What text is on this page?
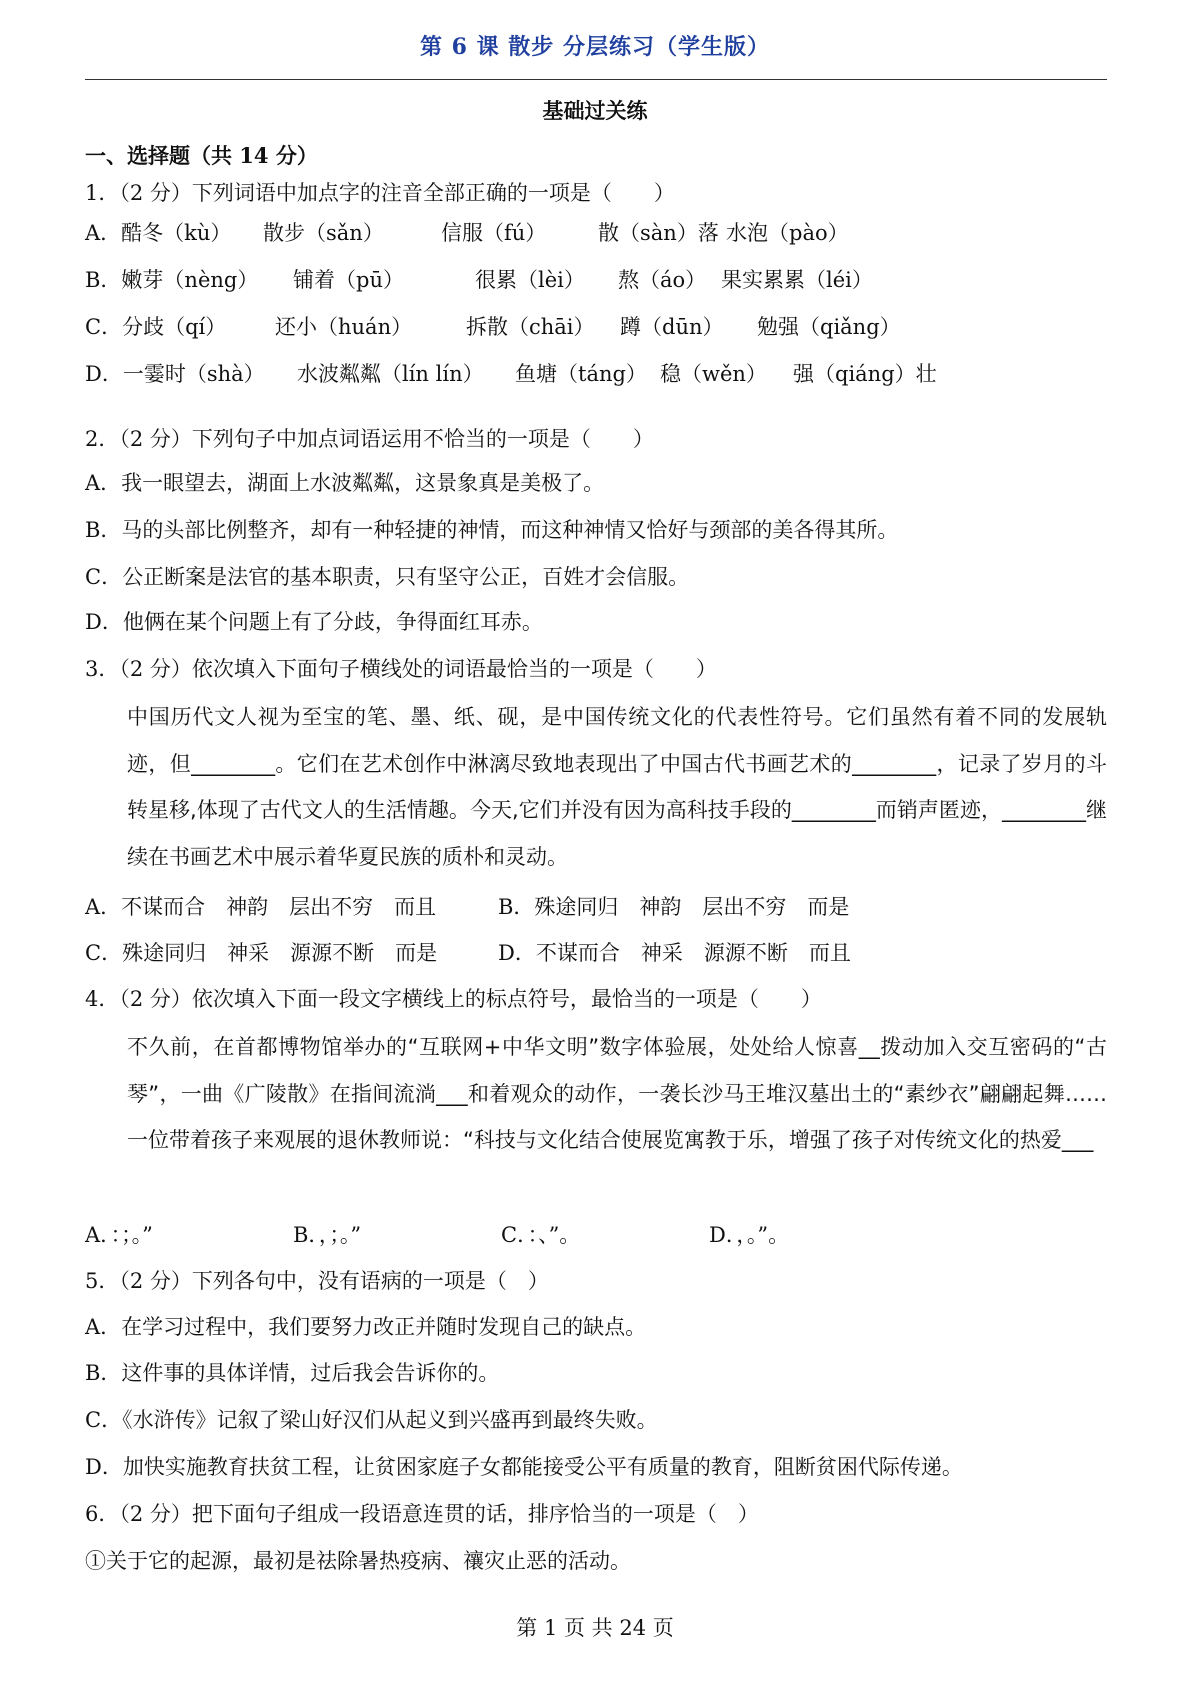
第 6 课 散步 分层练习（学生版）
基础过关练
一、选择题（共 14 分）
1．（2 分）下列词语中加点字的注音全部正确的一项是（　　）
A．酷冬（kù） 散步（sǎn）	信服（fú） 散（sàn）落 水泡（pào）
B．嫩芽（nèng） 铺着（pū）	很累（lèi） 熬（áo） 果实累累（léi）
C．分歧（qí） 还小（huán）	拆散（chāi） 蹲（dūn） 勉强（qiǎng）
D．一霎时（shà） 水波粼粼（lín lín） 鱼塘（táng） 稳（wěn） 强（qiáng）壮
2．（2 分）下列句子中加点词语运用不恰当的一项是（　　）
A．我一眼望去，湖面上水波粼粼，这景象真是美极了。
B．马的头部比例整齐，却有一种轻捷的神情，而这种神情又恰好与颈部的美各得其所。
C．公正断案是法官的基本职责，只有坚守公正，百姓才会信服。
D．他俩在某个问题上有了分歧，争得面红耳赤。
3．（2 分）依次填入下面句子横线处的词语最恰当的一项是（　　）
中国历代文人视为至宝的笔、墨、纸、砚，是中国传统文化的代表性符号。它们虽然有着不同的发展轨迹，但________。它们在艺术创作中淋漓尽致地表现出了中国古代书画艺术的________，记录了岁月的斗转星移,体现了古代文人的生活情趣。今天,它们并没有因为高科技手段的________而销声匿迹，________继续在书画艺术中展示着华夏民族的质朴和灵动。
A．不谋而合　神韵　层出不穷　而且	B．殊途同归　神韵　层出不穷　而是
C．殊途同归　神采　源源不断　而是	D．不谋而合　神采　源源不断　而且
4．（2 分）依次填入下面一段文字横线上的标点符号，最恰当的一项是（　　）
不久前，在首都博物馆举办的“互联网+中华文明”数字体验展，处处给人惊喜__拨动加入交互密码的“古琴”，一曲《广陵散》在指间流淌___和着观众的动作，一袭长沙马王堆汉墓出土的“素纱衣”翩翩起舞……一位带着孩子来观展的退休教师说：“科技与文化结合使展览寓教于乐，增强了孩子对传统文化的热爱___
A．：；。”	B．，；。”	C．：、”。	D．，。”。
5．（2 分）下列各句中，没有语病的一项是（　）
A．在学习过程中，我们要努力改正并随时发现自己的缺点。
B．这件事的具体详情，过后我会告诉你的。
C．《水浒传》记叙了梁山好汉们从起义到兴盛再到最终失败。
D．加快实施教育扶贫工程，让贫困家庭子女都能接受公平有质量的教育，阻断贫困代际传递。
6．（2 分）把下面句子组成一段语意连贯的话，排序恰当的一项是（　）
①关于它的起源，最初是祛除暑热疫病、禳灾止恶的活动。
第 1 页 共 24 页
